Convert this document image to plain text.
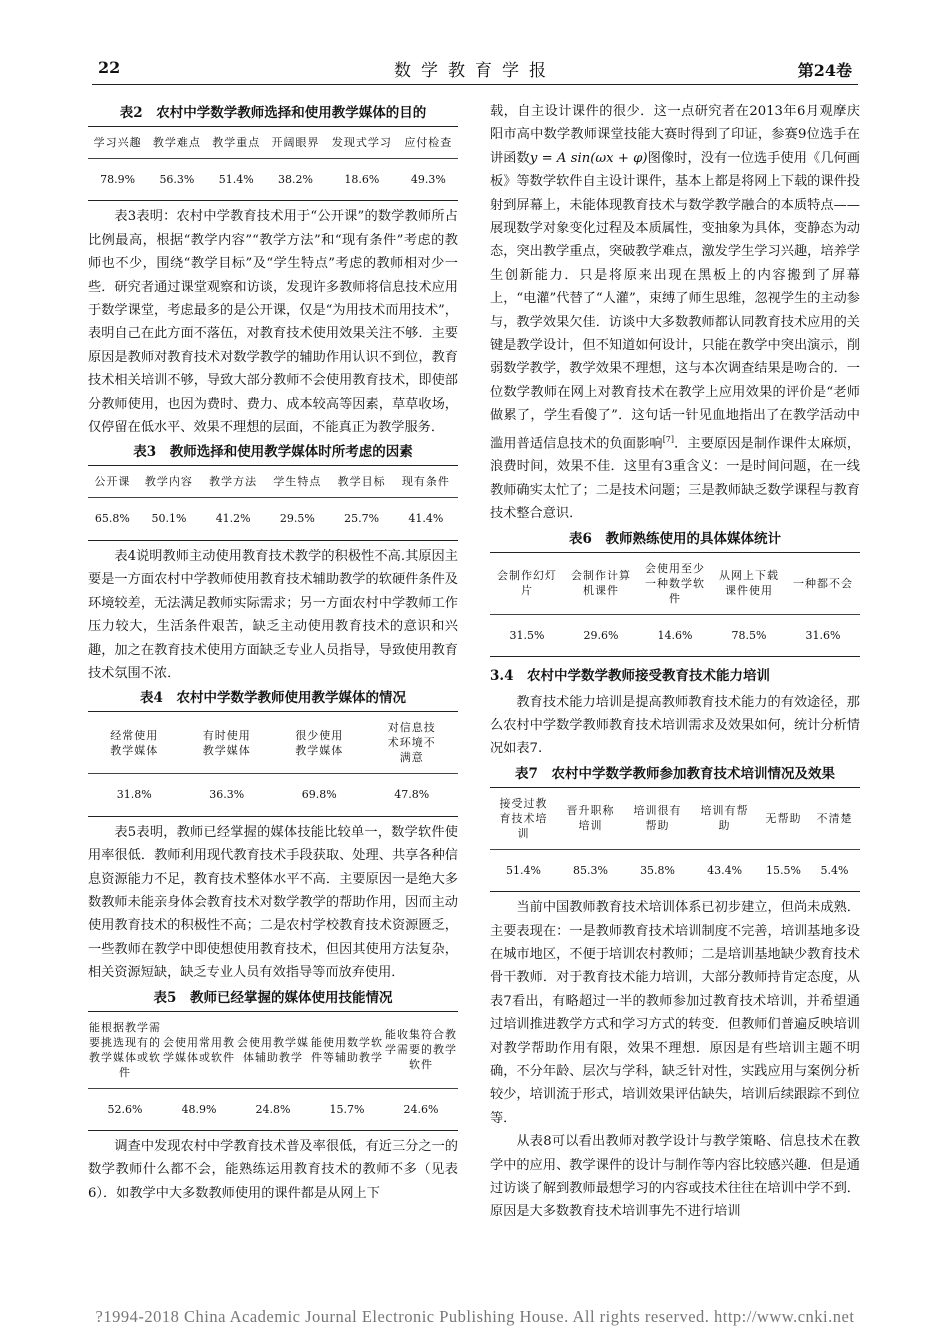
22	数学教育学报	第24卷
表2　农村中学数学教师选择和使用教学媒体的目的
学习兴趣	教学难点	教学重点	开阔眼界	发现式学习	应付检查
78.9%	56.3%	51.4%	38.2%	18.6%	49.3%

表3表明：农村中学教育技术用于“公开课”的数学教师所占比例最高，根据“教学内容”“教学方法”和“现有条件”考虑的教师也不少，围绕“教学目标”及“学生特点”考虑的教师相对少一些．研究者通过课堂观察和访谈，发现许多教师将信息技术应用于数学课堂，考虑最多的是公开课，仅是“为用技术而用技术”，表明自己在此方面不落伍，对教育技术使用效果关注不够．主要原因是教师对教育技术对数学教学的辅助作用认识不到位，教育技术相关培训不够，导致大部分教师不会使用教育技术，即使部分教师使用，也因为费时、费力、成本较高等因素，草草收场，仅停留在低水平、效果不理想的层面，不能真正为教学服务．

表3　教师选择和使用教学媒体时所考虑的因素
公开课	教学内容	教学方法	学生特点	教学目标	现有条件
65.8%	50.1%	41.2%	29.5%	25.7%	41.4%

表4说明教师主动使用教育技术教学的积极性不高.其原因主要是一方面农村中学教师使用教育技术辅助教学的软硬件条件及环境较差，无法满足教师实际需求；另一方面农村中学教师工作压力较大，生活条件艰苦，缺乏主动使用教育技术的意识和兴趣，加之在教育技术使用方面缺乏专业人员指导，导致使用教育技术氛围不浓．

表4　农村中学数学教师使用教学媒体的情况
经常使用
教学媒体	有时使用
教学媒体	很少使用
教学媒体	对信息技
术环境不
满意
31.8%	36.3%	69.8%	47.8%

表5表明，教师已经掌握的媒体技能比较单一，数学软件使用率很低．教师利用现代教育技术手段获取、处理、共享各种信息资源能力不足，教育技术整体水平不高．主要原因一是绝大多数教师未能亲身体会教育技术对数学教学的帮助作用，因而主动使用教育技术的积极性不高；二是农村学校教育技术资源匮乏，一些教师在教学中即使想使用教育技术，但因其使用方法复杂，相关资源短缺，缺乏专业人员有效指导等而放弃使用．

表5　教师已经掌握的媒体使用技能情况
能根据教学需
要挑选现有的
教学媒体或软
件	会使用常用教
学媒体或软件	会使用教学媒
体辅助教学	能使用数学软
件等辅助教学	能收集符合教
学需要的教学
软件
52.6%	48.9%	24.8%	15.7%	24.6%

调查中发现农村中学教育技术普及率很低，有近三分之一的数学教师什么都不会，能熟练运用教育技术的教师不多（见表6）．如教学中大多数教师使用的课件都是从网上下

载，自主设计课件的很少．这一点研究者在2013年6月观摩庆阳市高中数学教师课堂技能大赛时得到了印证，参赛9位选手在讲函数y = A sin(ωx + φ)图像时，没有一位选手使用《几何画板》等数学软件自主设计课件，基本上都是将网上下载的课件投射到屏幕上，未能体现教育技术与数学教学融合的本质特点——展现数学对象变化过程及本质属性，变抽象为具体，变静态为动态，突出教学重点，突破教学难点，激发学生学习兴趣，培养学生创新能力．只是将原来出现在黑板上的内容搬到了屏幕上，“电灌”代替了“人灌”，束缚了师生思维，忽视学生的主动参与，教学效果欠佳．访谈中大多数教师都认同教育技术应用的关键是教学设计，但不知道如何设计，只能在教学中突出演示，削弱数学教学，教学效果不理想，这与本次调查结果是吻合的．一位数学教师在网上对教育技术在教学上应用效果的评价是“老师做累了，学生看傻了”．这句话一针见血地指出了在教学活动中滥用普适信息技术的负面影响[7]．主要原因是制作课件太麻烦，浪费时间，效果不佳．这里有3重含义：一是时间问题，在一线教师确实太忙了；二是技术问题；三是教师缺乏数学课程与教育技术整合意识．

表6　教师熟练使用的具体媒体统计
会制作幻灯
片	会制作计算
机课件	会使用至少
一种数学软
件	从网上下载
课件使用	一种都不会
31.5%	29.6%	14.6%	78.5%	31.6%
3.4　农村中学数学教师接受教育技术能力培训

教育技术能力培训是提高教师教育技术能力的有效途径，那么农村中学数学教师教育技术培训需求及效果如何，统计分析情况如表7.

表7　农村中学数学教师参加教育技术培训情况及效果
接受过教
育技术培
训	晋升职称
培训	培训很有
帮助	培训有帮
助	无帮助	不清楚
51.4%	85.3%	35.8%	43.4%	15.5%	5.4%

当前中国教师教育技术培训体系已初步建立，但尚未成熟．主要表现在：一是教师教育技术培训制度不完善，培训基地多设在城市地区，不便于培训农村教师；二是培训基地缺少教育技术骨干教师．对于教育技术能力培训，大部分教师持肯定态度，从表7看出，有略超过一半的教师参加过教育技术培训，并希望通过培训推进教学方式和学习方式的转变．但教师们普遍反映培训对教学帮助作用有限，效果不理想．原因是有些培训主题不明确，不分年龄、层次与学科，缺乏针对性，实践应用与案例分析较少，培训流于形式，培训效果评估缺失，培训后续跟踪不到位等．

从表8可以看出教师对教学设计与教学策略、信息技术在教学中的应用、教学课件的设计与制作等内容比较感兴趣．但是通过访谈了解到教师最想学习的内容或技术往往在培训中学不到．原因是大多数教育技术培训事先不进行培训

?1994-2018 China Academic Journal Electronic Publishing House. All rights reserved. http://www.cnki.net
